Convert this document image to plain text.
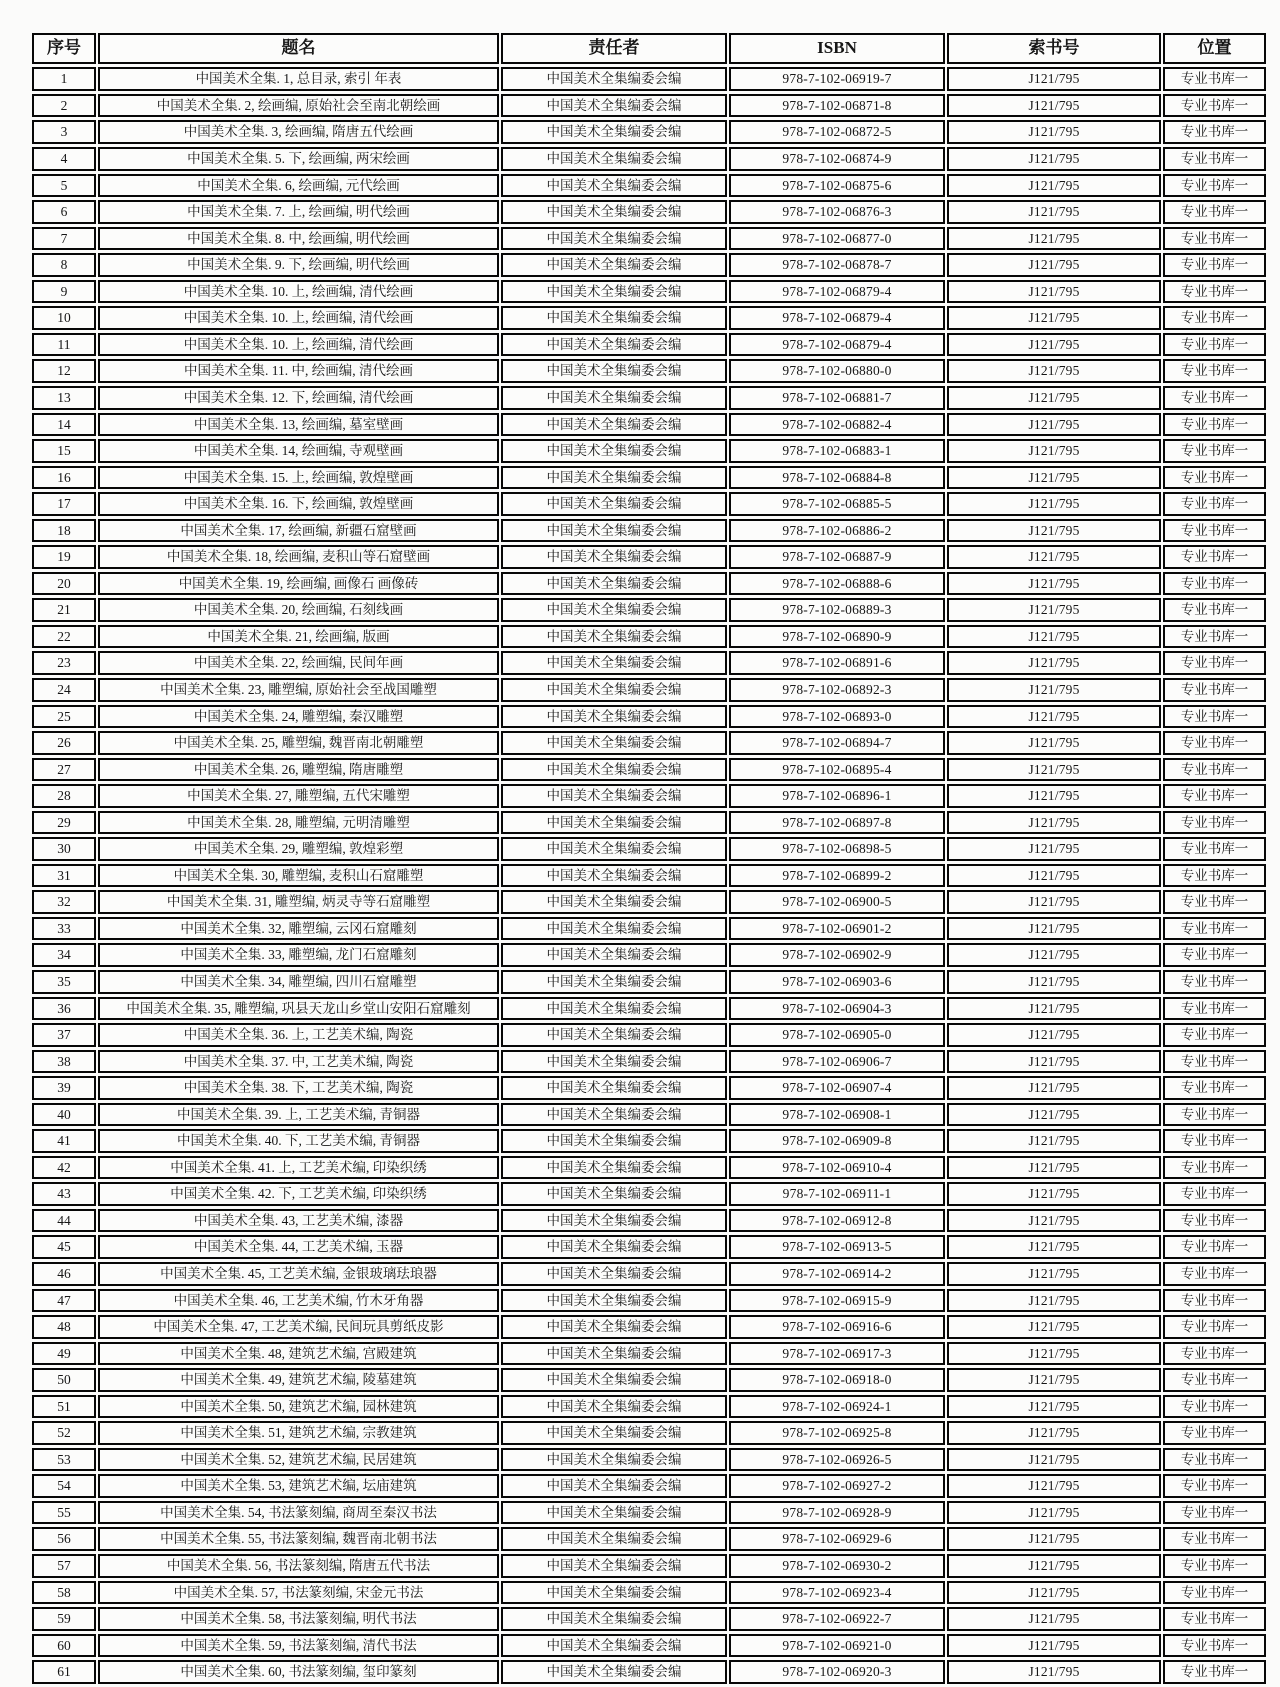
序号	题名	责任者	ISBN	索书号	位置
1	中国美术全集. 1, 总目录, 索引 年表	中国美术全集编委会编	978-7-102-06919-7	J121/795	专业书库一
2	中国美术全集. 2, 绘画编, 原始社会至南北朝绘画	中国美术全集编委会编	978-7-102-06871-8	J121/795	专业书库一
3	中国美术全集. 3, 绘画编, 隋唐五代绘画	中国美术全集编委会编	978-7-102-06872-5	J121/795	专业书库一
4	中国美术全集. 5. 下, 绘画编, 两宋绘画	中国美术全集编委会编	978-7-102-06874-9	J121/795	专业书库一
5	中国美术全集. 6, 绘画编, 元代绘画	中国美术全集编委会编	978-7-102-06875-6	J121/795	专业书库一
6	中国美术全集. 7. 上, 绘画编, 明代绘画	中国美术全集编委会编	978-7-102-06876-3	J121/795	专业书库一
7	中国美术全集. 8. 中, 绘画编, 明代绘画	中国美术全集编委会编	978-7-102-06877-0	J121/795	专业书库一
8	中国美术全集. 9. 下, 绘画编, 明代绘画	中国美术全集编委会编	978-7-102-06878-7	J121/795	专业书库一
9	中国美术全集. 10. 上, 绘画编, 清代绘画	中国美术全集编委会编	978-7-102-06879-4	J121/795	专业书库一
10	中国美术全集. 10. 上, 绘画编, 清代绘画	中国美术全集编委会编	978-7-102-06879-4	J121/795	专业书库一
11	中国美术全集. 10. 上, 绘画编, 清代绘画	中国美术全集编委会编	978-7-102-06879-4	J121/795	专业书库一
12	中国美术全集. 11. 中, 绘画编, 清代绘画	中国美术全集编委会编	978-7-102-06880-0	J121/795	专业书库一
13	中国美术全集. 12. 下, 绘画编, 清代绘画	中国美术全集编委会编	978-7-102-06881-7	J121/795	专业书库一
14	中国美术全集. 13, 绘画编, 墓室壁画	中国美术全集编委会编	978-7-102-06882-4	J121/795	专业书库一
15	中国美术全集. 14, 绘画编, 寺观壁画	中国美术全集编委会编	978-7-102-06883-1	J121/795	专业书库一
16	中国美术全集. 15. 上, 绘画编, 敦煌壁画	中国美术全集编委会编	978-7-102-06884-8	J121/795	专业书库一
17	中国美术全集. 16. 下, 绘画编, 敦煌壁画	中国美术全集编委会编	978-7-102-06885-5	J121/795	专业书库一
18	中国美术全集. 17, 绘画编, 新疆石窟壁画	中国美术全集编委会编	978-7-102-06886-2	J121/795	专业书库一
19	中国美术全集. 18, 绘画编, 麦积山等石窟壁画	中国美术全集编委会编	978-7-102-06887-9	J121/795	专业书库一
20	中国美术全集. 19, 绘画编, 画像石 画像砖	中国美术全集编委会编	978-7-102-06888-6	J121/795	专业书库一
21	中国美术全集. 20, 绘画编, 石刻线画	中国美术全集编委会编	978-7-102-06889-3	J121/795	专业书库一
22	中国美术全集. 21, 绘画编, 版画	中国美术全集编委会编	978-7-102-06890-9	J121/795	专业书库一
23	中国美术全集. 22, 绘画编, 民间年画	中国美术全集编委会编	978-7-102-06891-6	J121/795	专业书库一
24	中国美术全集. 23, 雕塑编, 原始社会至战国雕塑	中国美术全集编委会编	978-7-102-06892-3	J121/795	专业书库一
25	中国美术全集. 24, 雕塑编, 秦汉雕塑	中国美术全集编委会编	978-7-102-06893-0	J121/795	专业书库一
26	中国美术全集. 25, 雕塑编, 魏晋南北朝雕塑	中国美术全集编委会编	978-7-102-06894-7	J121/795	专业书库一
27	中国美术全集. 26, 雕塑编, 隋唐雕塑	中国美术全集编委会编	978-7-102-06895-4	J121/795	专业书库一
28	中国美术全集. 27, 雕塑编, 五代宋雕塑	中国美术全集编委会编	978-7-102-06896-1	J121/795	专业书库一
29	中国美术全集. 28, 雕塑编, 元明清雕塑	中国美术全集编委会编	978-7-102-06897-8	J121/795	专业书库一
30	中国美术全集. 29, 雕塑编, 敦煌彩塑	中国美术全集编委会编	978-7-102-06898-5	J121/795	专业书库一
31	中国美术全集. 30, 雕塑编, 麦积山石窟雕塑	中国美术全集编委会编	978-7-102-06899-2	J121/795	专业书库一
32	中国美术全集. 31, 雕塑编, 炳灵寺等石窟雕塑	中国美术全集编委会编	978-7-102-06900-5	J121/795	专业书库一
33	中国美术全集. 32, 雕塑编, 云冈石窟雕刻	中国美术全集编委会编	978-7-102-06901-2	J121/795	专业书库一
34	中国美术全集. 33, 雕塑编, 龙门石窟雕刻	中国美术全集编委会编	978-7-102-06902-9	J121/795	专业书库一
35	中国美术全集. 34, 雕塑编, 四川石窟雕塑	中国美术全集编委会编	978-7-102-06903-6	J121/795	专业书库一
36	中国美术全集. 35, 雕塑编, 巩县天龙山乡堂山安阳石窟雕刻	中国美术全集编委会编	978-7-102-06904-3	J121/795	专业书库一
37	中国美术全集. 36. 上, 工艺美术编, 陶瓷	中国美术全集编委会编	978-7-102-06905-0	J121/795	专业书库一
38	中国美术全集. 37. 中, 工艺美术编, 陶瓷	中国美术全集编委会编	978-7-102-06906-7	J121/795	专业书库一
39	中国美术全集. 38. 下, 工艺美术编, 陶瓷	中国美术全集编委会编	978-7-102-06907-4	J121/795	专业书库一
40	中国美术全集. 39. 上, 工艺美术编, 青铜器	中国美术全集编委会编	978-7-102-06908-1	J121/795	专业书库一
41	中国美术全集. 40. 下, 工艺美术编, 青铜器	中国美术全集编委会编	978-7-102-06909-8	J121/795	专业书库一
42	中国美术全集. 41. 上, 工艺美术编, 印染织绣	中国美术全集编委会编	978-7-102-06910-4	J121/795	专业书库一
43	中国美术全集. 42. 下, 工艺美术编, 印染织绣	中国美术全集编委会编	978-7-102-06911-1	J121/795	专业书库一
44	中国美术全集. 43, 工艺美术编, 漆器	中国美术全集编委会编	978-7-102-06912-8	J121/795	专业书库一
45	中国美术全集. 44, 工艺美术编, 玉器	中国美术全集编委会编	978-7-102-06913-5	J121/795	专业书库一
46	中国美术全集. 45, 工艺美术编, 金银玻璃珐琅器	中国美术全集编委会编	978-7-102-06914-2	J121/795	专业书库一
47	中国美术全集. 46, 工艺美术编, 竹木牙角器	中国美术全集编委会编	978-7-102-06915-9	J121/795	专业书库一
48	中国美术全集. 47, 工艺美术编, 民间玩具剪纸皮影	中国美术全集编委会编	978-7-102-06916-6	J121/795	专业书库一
49	中国美术全集. 48, 建筑艺术编, 宫殿建筑	中国美术全集编委会编	978-7-102-06917-3	J121/795	专业书库一
50	中国美术全集. 49, 建筑艺术编, 陵墓建筑	中国美术全集编委会编	978-7-102-06918-0	J121/795	专业书库一
51	中国美术全集. 50, 建筑艺术编, 园林建筑	中国美术全集编委会编	978-7-102-06924-1	J121/795	专业书库一
52	中国美术全集. 51, 建筑艺术编, 宗教建筑	中国美术全集编委会编	978-7-102-06925-8	J121/795	专业书库一
53	中国美术全集. 52, 建筑艺术编, 民居建筑	中国美术全集编委会编	978-7-102-06926-5	J121/795	专业书库一
54	中国美术全集. 53, 建筑艺术编, 坛庙建筑	中国美术全集编委会编	978-7-102-06927-2	J121/795	专业书库一
55	中国美术全集. 54, 书法篆刻编, 商周至秦汉书法	中国美术全集编委会编	978-7-102-06928-9	J121/795	专业书库一
56	中国美术全集. 55, 书法篆刻编, 魏晋南北朝书法	中国美术全集编委会编	978-7-102-06929-6	J121/795	专业书库一
57	中国美术全集. 56, 书法篆刻编, 隋唐五代书法	中国美术全集编委会编	978-7-102-06930-2	J121/795	专业书库一
58	中国美术全集. 57, 书法篆刻编, 宋金元书法	中国美术全集编委会编	978-7-102-06923-4	J121/795	专业书库一
59	中国美术全集. 58, 书法篆刻编, 明代书法	中国美术全集编委会编	978-7-102-06922-7	J121/795	专业书库一
60	中国美术全集. 59, 书法篆刻编, 清代书法	中国美术全集编委会编	978-7-102-06921-0	J121/795	专业书库一
61	中国美术全集. 60, 书法篆刻编, 玺印篆刻	中国美术全集编委会编	978-7-102-06920-3	J121/795	专业书库一
